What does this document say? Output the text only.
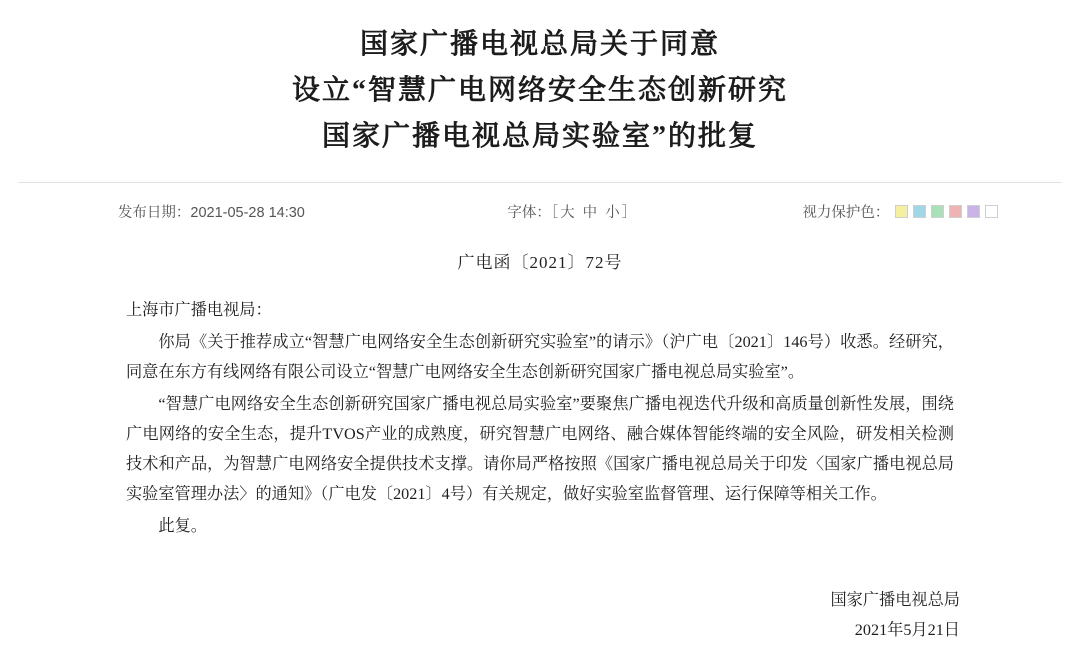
国家广播电视总局关于同意
设立“智慧广电网络安全生态创新研究
国家广播电视总局实验室”的批复
发布日期：2021-05-28 14:30	字体：［ 大 中 小 ］	视力保护色：
广电函〔2021〕72号

上海市广播电视局：

你局《关于推荐成立“智慧广电网络安全生态创新研究实验室”的请示》（沪广电〔2021〕146号）收悉。经研究，同意在东方有线网络有限公司设立“智慧广电网络安全生态创新研究国家广播电视总局实验室”。

“智慧广电网络安全生态创新研究国家广播电视总局实验室”要聚焦广播电视迭代升级和高质量创新性发展，围绕广电网络的安全生态，提升TVOS产业的成熟度，研究智慧广电网络、融合媒体智能终端的安全风险，研发相关检测技术和产品，为智慧广电网络安全提供技术支撑。请你局严格按照《国家广播电视总局关于印发〈国家广播电视总局实验室管理办法〉的通知》（广电发〔2021〕4号）有关规定，做好实验室监督管理、运行保障等相关工作。

此复。

国家广播电视总局
2021年5月21日
